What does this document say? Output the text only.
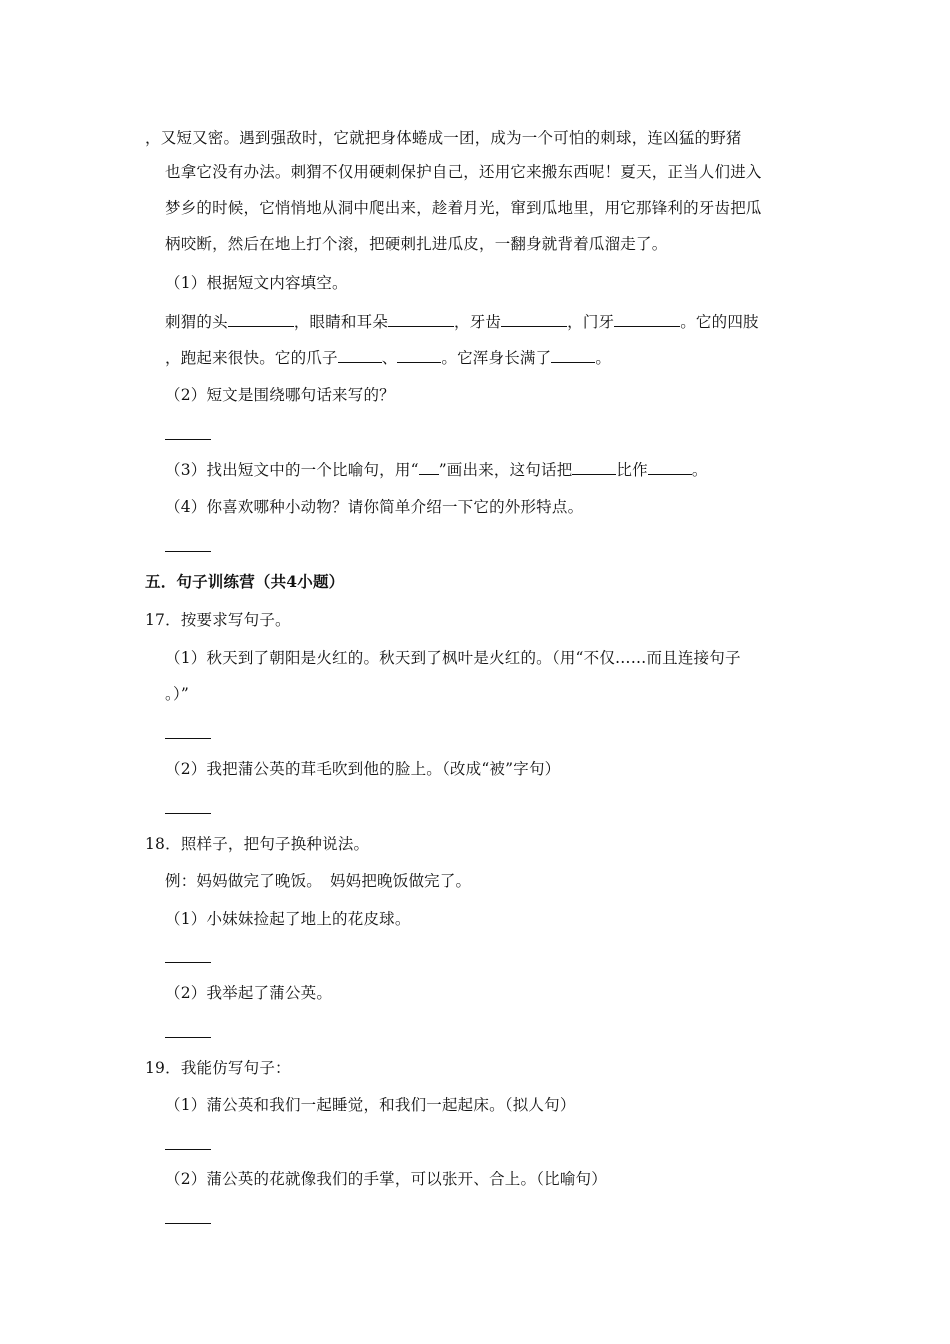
，又短又密。遇到强敌时，它就把身体蜷成一团，成为一个可怕的刺球，连凶猛的野猪
也拿它没有办法。刺猬不仅用硬刺保护自己，还用它来搬东西呢！夏天，正当人们进入
梦乡的时候，它悄悄地从洞中爬出来，趁着月光，窜到瓜地里，用它那锋利的牙齿把瓜
柄咬断，然后在地上打个滚，把硬刺扎进瓜皮，一翻身就背着瓜溜走了。
（1）根据短文内容填空。
刺猬的头	，眼睛和耳朵	，牙齿	，门牙	。它的四肢
，跑起来很快。它的爪子	、	。它浑身长满了	。
（2）短文是围绕哪句话来写的？
（3）找出短文中的一个比喻句，用“ ”画出来，这句话把	比作	。
（4）你喜欢哪种小动物？请你简单介绍一下它的外形特点。
五．句子训练营（共4小题）
17．按要求写句子。
（1）秋天到了朝阳是火红的。秋天到了枫叶是火红的。（用“不仅……而且连接句子
。）”
（2）我把蒲公英的茸毛吹到他的脸上。（改成“被”字句）
18．照样子，把句子换种说法。
例：妈妈做完了晚饭。　妈妈把晚饭做完了。
（1）小妹妹捡起了地上的花皮球。
（2）我举起了蒲公英。
19．我能仿写句子：
（1）蒲公英和我们一起睡觉，和我们一起起床。（拟人句）
（2）蒲公英的花就像我们的手掌，可以张开、合上。（比喻句）
